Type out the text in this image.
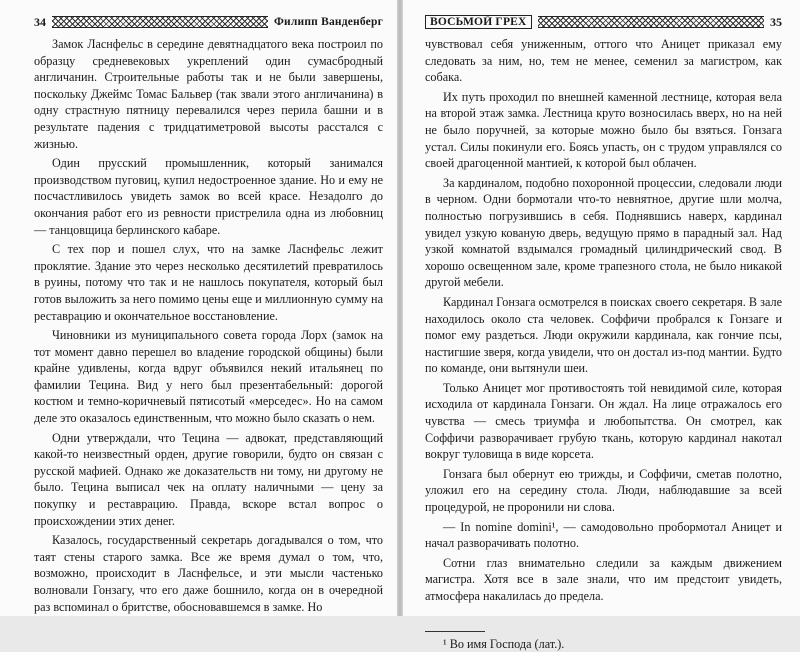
34	Филипп Ванденберг

Замок Ласнфельс в середине девятнадцатого века построил по образцу средневековых укреплений один сумасбродный англичанин. Строительные работы так и не были завершены, поскольку Джеймс Томас Бальвер (так звали этого англичанина) в одну страстную пятницу перевалился через перила башни и в результате падения с тридцатиметровой высоты расстался с жизнью.

Один прусский промышленник, который занимался производством пуговиц, купил недостроенное здание. Но и ему не посчастливилось увидеть замок во всей красе. Незадолго до окончания работ его из ревности пристрелила одна из любовниц — танцовщица берлинского кабаре.

С тех пор и пошел слух, что на замке Ласнфельс лежит проклятие. Здание это через несколько десятилетий превратилось в руины, потому что так и не нашлось покупателя, который был готов выложить за него помимо цены еще и миллионную сумму на реставрацию и окончательное восстановление.

Чиновники из муниципального совета города Лорх (замок на тот момент давно перешел во владение городской общины) были крайне удивлены, когда вдруг объявился некий итальянец по фамилии Тецина. Вид у него был презентабельный: дорогой костюм и темно-коричневый пятисотый «мерседес». Но на самом деле это оказалось единственным, что можно было сказать о нем.

Одни утверждали, что Тецина — адвокат, представляющий какой-то неизвестный орден, другие говорили, будто он связан с русской мафией. Однако же доказательств ни тому, ни другому не было. Тецина выписал чек на оплату наличными — цену за покупку и реставрацию. Правда, вскоре встал вопрос о происхождении этих денег.

Казалось, государственный секретарь догадывался о том, что таят стены старого замка. Все же время думал о том, что, возможно, происходит в Ласнфельсе, и эти мысли частенько волновали Гонзагу, что его даже бошнило, когда он в очередной раз вспоминал о бритстве, обосновавшемся в замке. Но

ВОСЬМОЙ ГРЕХ	35

чувствовал себя униженным, оттого что Аницет приказал ему следовать за ним, но, тем не менее, семенил за магистром, как собака.

Их путь проходил по внешней каменной лестнице, которая вела на второй этаж замка. Лестница круто возносилась вверх, но на ней не было поручней, за которые можно было бы взяться. Гонзага устал. Силы покинули его. Боясь упасть, он с трудом управлялся со своей драгоценной мантией, к которой был облачен.

За кардиналом, подобно похоронной процессии, следовали люди в черном. Одни бормотали что-то невнятное, другие шли молча, полностью погрузившись в себя. Поднявшись наверх, кардинал увидел узкую кованую дверь, ведущую прямо в парадный зал. Над узкой комнатой вздымался громадный цилиндрический свод. В хорошо освещенном зале, кроме трапезного стола, не было никакой другой мебели.

Кардинал Гонзага осмотрелся в поисках своего секретаря. В зале находилось около ста человек. Соффичи пробрался к Гонзаге и помог ему раздеться. Люди окружили кардинала, как гончие псы, настигшие зверя, когда увидели, что он достал из-под мантии. Будто по команде, они вытянули шеи.

Только Аницет мог противостоять той невидимой силе, которая исходила от кардинала Гонзаги. Он ждал. На лице отражалось его чувства — смесь триумфа и любопытства. Он смотрел, как Соффичи разворачивает грубую ткань, которую кардинал накотал вокруг туловища в виде корсета.

Гонзага был обернут ею трижды, и Соффичи, сметав полотно, уложил его на середину стола. Люди, наблюдавшие за всей процедурой, не проронили ни слова.

— In nomine domini¹, — самодовольно пробормотал Аницет и начал разворачивать полотно.

Сотни глаз внимательно следили за каждым движением магистра. Хотя все в зале знали, что им предстоит увидеть, атмосфера накалилась до предела.

¹ Во имя Господа (лат.).
